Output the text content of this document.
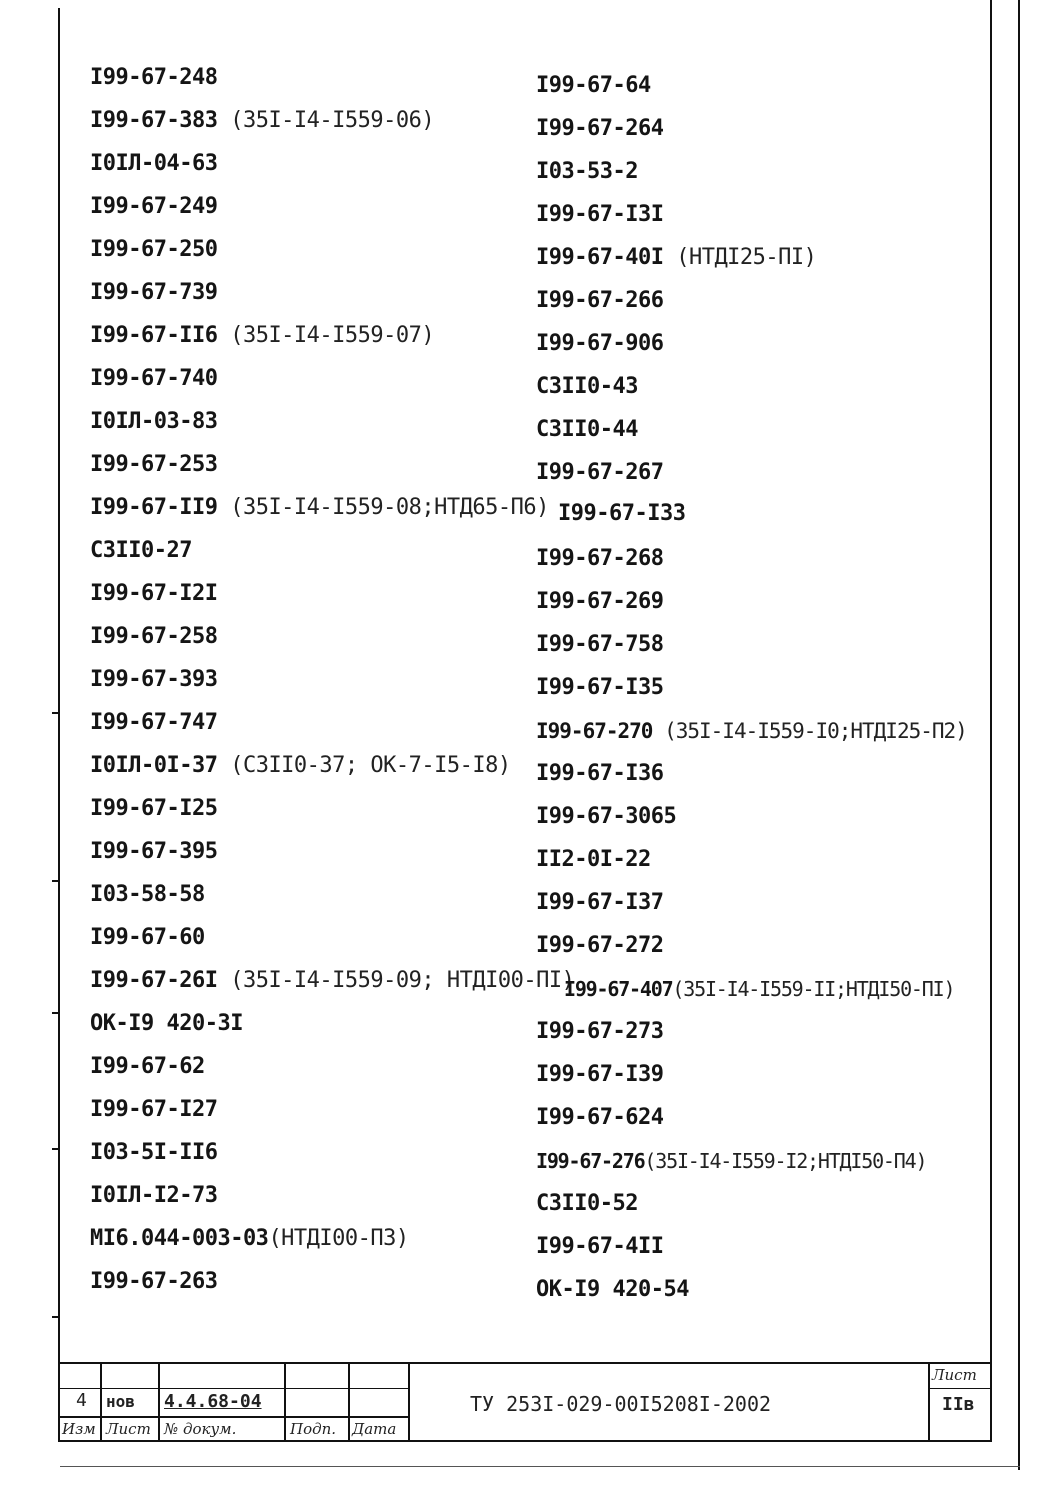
I99-67-248
I99-67-383 (35I-I4-I559-06)
I0IЛ-04-63
I99-67-249
I99-67-250
I99-67-739
I99-67-II6 (35I-I4-I559-07)
I99-67-740
I0IЛ-03-83
I99-67-253
I99-67-II9 (35I-I4-I559-08;НТД65-П6)
С3II0-27
I99-67-I2I
I99-67-258
I99-67-393
I99-67-747
I0IЛ-0I-37 (С3II0-37; ОК-7-I5-I8)
I99-67-I25
I99-67-395
I03-58-58
I99-67-60
I99-67-26I (35I-I4-I559-09; НТДI00-ПI)
ОК-I9 420-3I
I99-67-62
I99-67-I27
I03-5I-II6
I0IЛ-I2-73
МI6.044-003-03(НТДI00-П3)
I99-67-263
I99-67-64
I99-67-264
I03-53-2
I99-67-I3I
I99-67-40I (НТДI25-ПI)
I99-67-266
I99-67-906
С3II0-43
С3II0-44
I99-67-267
I99-67-I33
I99-67-268
I99-67-269
I99-67-758
I99-67-I35
I99-67-270 (35I-I4-I559-I0;НТДI25-П2)
I99-67-I36
I99-67-3065
II2-0I-22
I99-67-I37
I99-67-272
I99-67-407(35I-I4-I559-II;НТДI50-ПI)
I99-67-273
I99-67-I39
I99-67-624
I99-67-276(35I-I4-I559-I2;НТДI50-П4)
С3II0-52
I99-67-4II
ОК-I9 420-54
4 нов 4.4.68-04
Изм Лист № докум.	Подп. Дата
Лист
ТУ 253I-029-00I5208I-2002	IIв
